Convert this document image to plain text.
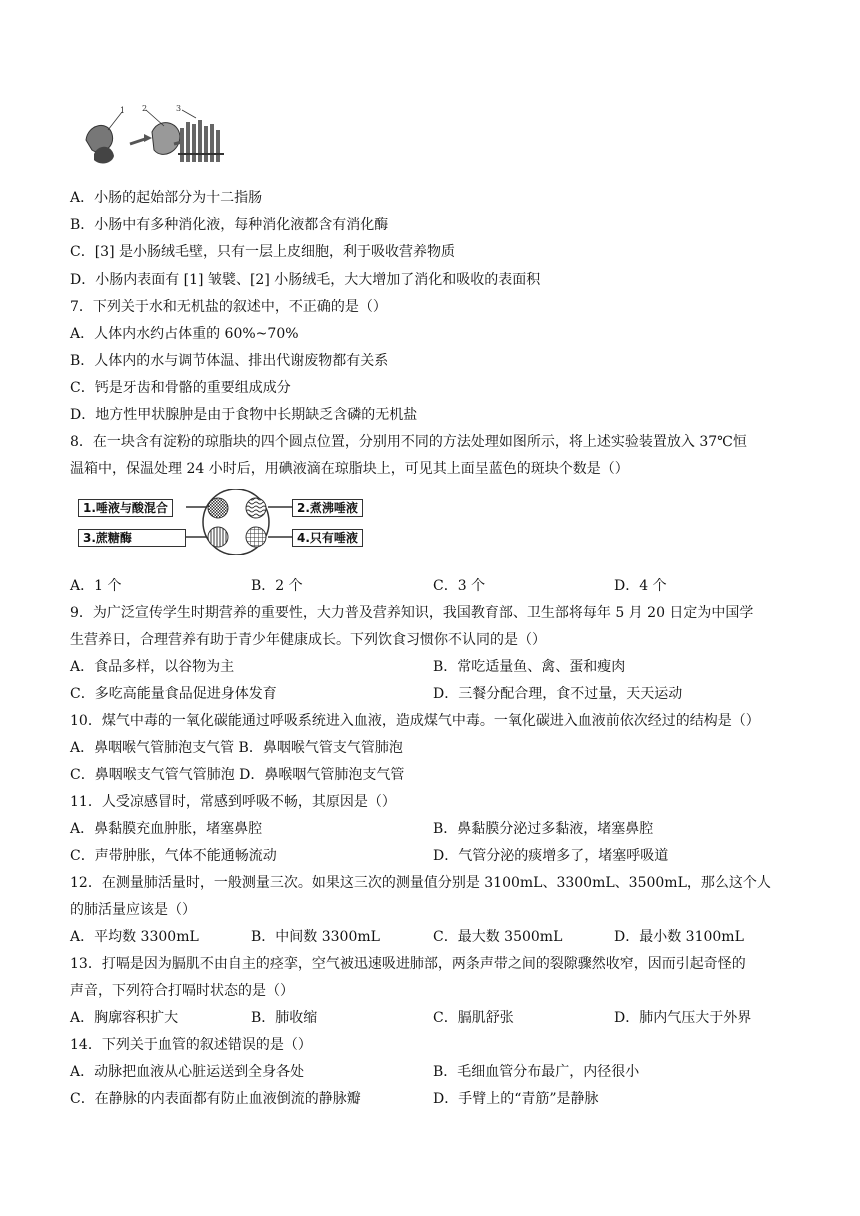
1 2	3
A．小肠的起始部分为十二指肠
B．小肠中有多种消化液，每种消化液都含有消化酶
C．[3] 是小肠绒毛壁，只有一层上皮细胞，利于吸收营养物质
D．小肠内表面有 [1] 皱襞、[2] 小肠绒毛，大大增加了消化和吸收的表面积
7．下列关于水和无机盐的叙述中，不正确的是（）
A．人体内水约占体重的 60%~70%
B．人体内的水与调节体温、排出代谢废物都有关系
C．钙是牙齿和骨骼的重要组成成分
D．地方性甲状腺肿是由于食物中长期缺乏含磷的无机盐
8．在一块含有淀粉的琼脂块的四个圆点位置，分别用不同的方法处理如图所示，将上述实验装置放入 37℃恒
温箱中，保温处理 24 小时后，用碘液滴在琼脂块上，可见其上面呈蓝色的斑块个数是（）
1.唾液与酸混合	2.煮沸唾液
3.蔗糖酶	4.只有唾液
A．1 个	B．2 个	C．3 个	D．4 个
9．为广泛宣传学生时期营养的重要性，大力普及营养知识，我国教育部、卫生部将每年 5 月 20 日定为中国学
生营养日，合理营养有助于青少年健康成长。下列饮食习惯你不认同的是（）
A．食品多样，以谷物为主	B．常吃适量鱼、禽、蛋和瘦肉
C．多吃高能量食品促进身体发育	D．三餐分配合理，食不过量，天天运动
10．煤气中毒的一氧化碳能通过呼吸系统进入血液，造成煤气中毒。一氧化碳进入血液前依次经过的结构是（）
A．鼻咽喉气管肺泡支气管 B．鼻咽喉气管支气管肺泡
C．鼻咽喉支气管气管肺泡 D．鼻喉咽气管肺泡支气管
11．人受凉感冒时，常感到呼吸不畅，其原因是（）
A．鼻黏膜充血肿胀，堵塞鼻腔	B．鼻黏膜分泌过多黏液，堵塞鼻腔
C．声带肿胀，气体不能通畅流动	D．气管分泌的痰增多了，堵塞呼吸道
12．在测量肺活量时，一般测量三次。如果这三次的测量值分别是 3100mL、3300mL、3500mL，那么这个人
的肺活量应该是（）
A．平均数 3300mL	B．中间数 3300mL	C．最大数 3500mL	D．最小数 3100mL
13．打嗝是因为膈肌不由自主的痉挛，空气被迅速吸进肺部，两条声带之间的裂隙骤然收窄，因而引起奇怪的
声音，下列符合打嗝时状态的是（）
A．胸廓容积扩大	B．肺收缩	C．膈肌舒张	D．肺内气压大于外界
14．下列关于血管的叙述错误的是（）
A．动脉把血液从心脏运送到全身各处	B．毛细血管分布最广，内径很小
C．在静脉的内表面都有防止血液倒流的静脉瓣	D．手臂上的“青筋”是静脉
